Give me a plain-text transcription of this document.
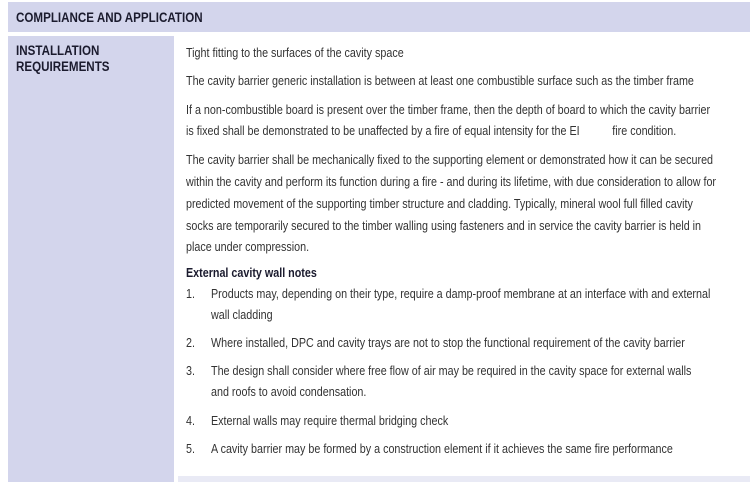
COMPLIANCE AND APPLICATION
INSTALLATION
REQUIREMENTS
Tight fitting to the surfaces of the cavity space
The cavity barrier generic installation is between at least one combustible surface such as the timber frame
If a non-combustible board is present over the timber frame, then the depth of board to which the cavity barrier
is fixed shall be demonstrated to be unaffected by a fire of equal intensity for the EI	fire condition.
The cavity barrier shall be mechanically fixed to the supporting element or demonstrated how it can be secured
within the cavity and perform its function during a fire - and during its lifetime, with due consideration to allow for
predicted movement of the supporting timber structure and cladding. Typically, mineral wool full filled cavity
socks are temporarily secured to the timber walling using fasteners and in service the cavity barrier is held in
place under compression.
External cavity wall notes
1. Products may, depending on their type, require a damp-proof membrane at an interface with and external
wall cladding
2. Where installed, DPC and cavity trays are not to stop the functional requirement of the cavity barrier
3. The design shall consider where free flow of air may be required in the cavity space for external walls
and roofs to avoid condensation.
4. External walls may require thermal bridging check
5. A cavity barrier may be formed by a construction element if it achieves the same fire performance
